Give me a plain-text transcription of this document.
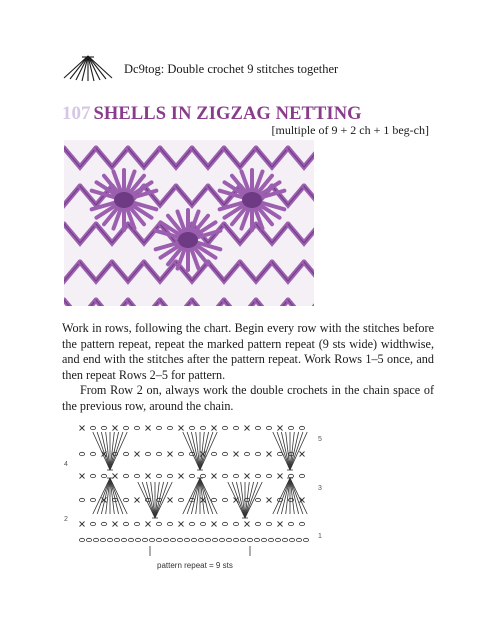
Dc9tog: Double crochet 9 stitches together
107 SHELLS IN ZIGZAG NETTING
[multiple of 9 + 2 ch + 1 beg-ch]

Work in rows, following the chart. Begin every row with the stitches before the pattern repeat, repeat the marked pattern repeat (9 sts wide) widthwise, and end with the stitches after the pattern repeat. Work Rows 1–5 once, and then repeat Rows 2–5 for pattern.

From Row 2 on, always work the double crochets in the chain space of the previous row, around the chain.

5
3
1
4
2
pattern repeat = 9 sts
